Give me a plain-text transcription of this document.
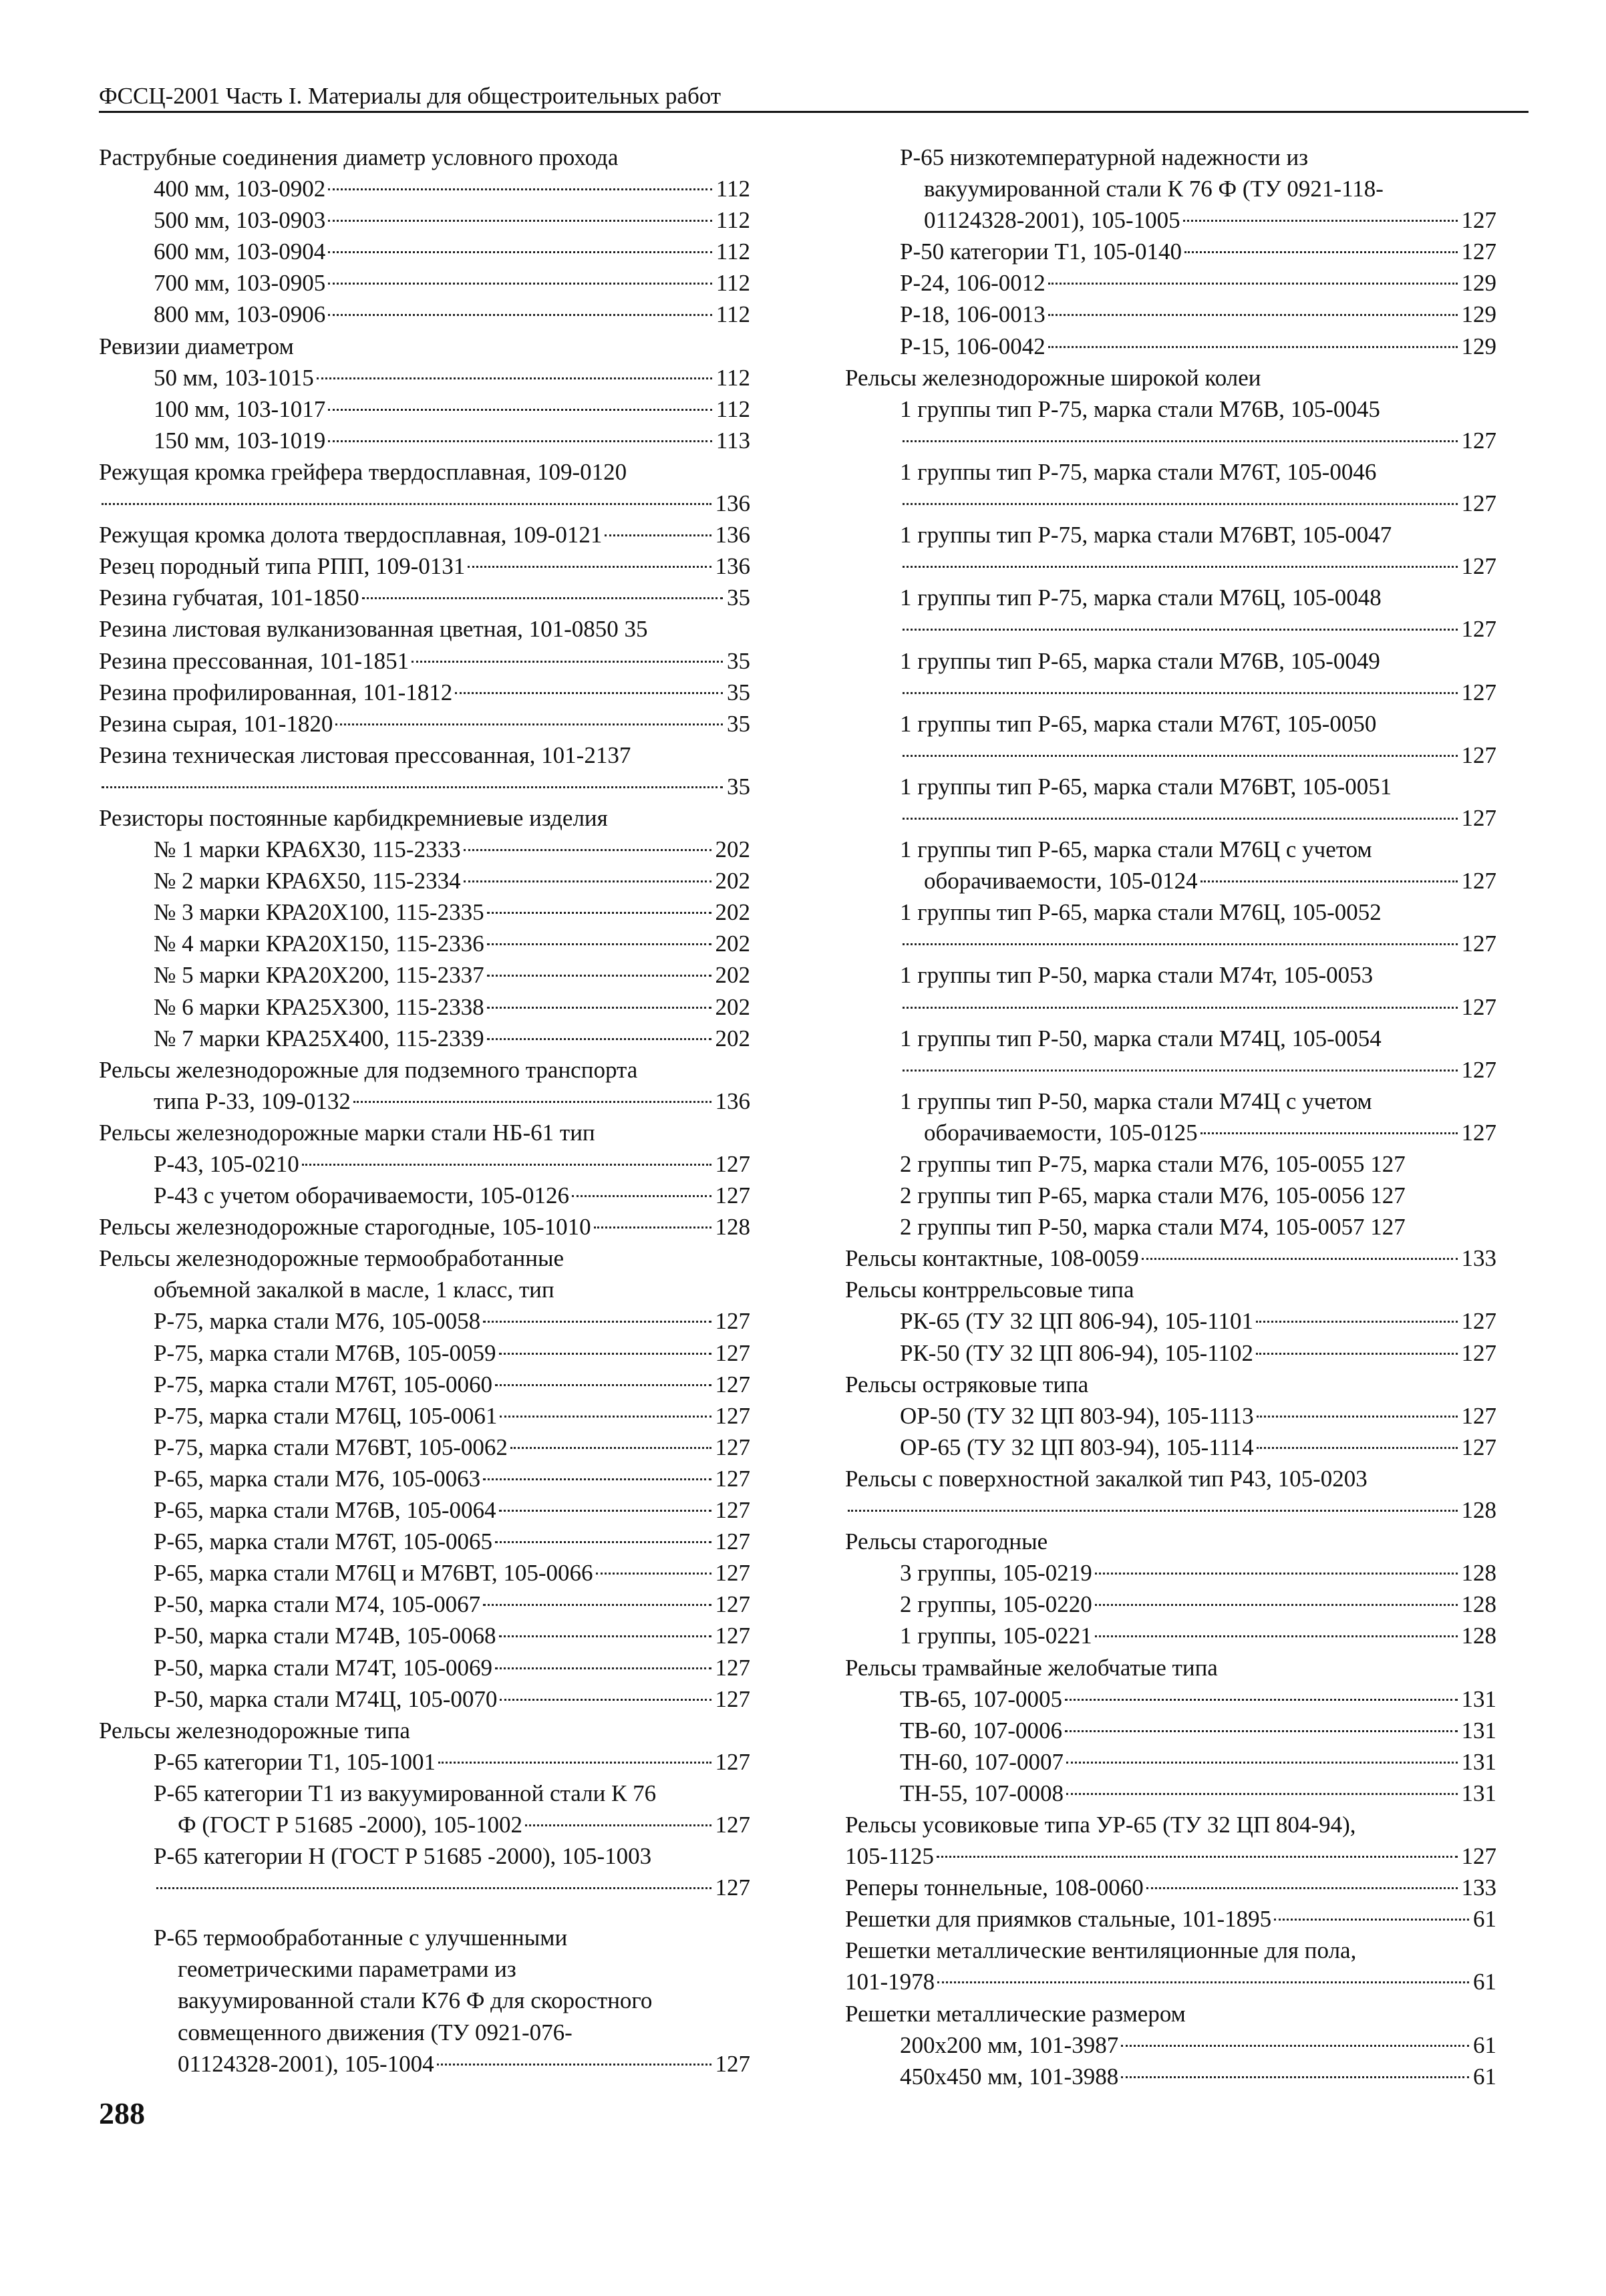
ФССЦ-2001 Часть I. Материалы для общестроительных работ
Раструбные соединения диаметр условного прохода
400 мм, 103-0902	112
500 мм, 103-0903	112
600 мм, 103-0904	112
700 мм, 103-0905	112
800 мм, 103-0906	112
Ревизии диаметром
50 мм, 103-1015	112
100 мм, 103-1017	112
150 мм, 103-1019	113
Режущая кромка грейфера твердосплавная, 109-0120
136
Режущая кромка долота твердосплавная, 109-0121	136
Резец породный типа РПП, 109-0131	136
Резина губчатая, 101-1850	35
Резина листовая вулканизованная цветная, 101-0850 35
Резина прессованная, 101-1851	35
Резина профилированная, 101-1812	35
Резина сырая, 101-1820	35
Резина техническая листовая прессованная, 101-2137
35
Резисторы постоянные карбидкремниевые изделия
№ 1 марки КРА6Х30, 115-2333	202
№ 2 марки КРА6Х50, 115-2334	202
№ 3 марки КРА20Х100, 115-2335	202
№ 4 марки КРА20Х150, 115-2336	202
№ 5 марки КРА20Х200, 115-2337	202
№ 6 марки КРА25Х300, 115-2338	202
№ 7 марки КРА25Х400, 115-2339	202
Рельсы железнодорожные для подземного транспорта
типа Р-33, 109-0132	136
Рельсы железнодорожные марки стали НБ-61 тип
Р-43, 105-0210	127
Р-43 с учетом оборачиваемости, 105-0126	127
Рельсы железнодорожные старогодные, 105-1010	128
Рельсы железнодорожные термообработанные
объемной закалкой в масле, 1 класс, тип
Р-75, марка стали М76, 105-0058	127
Р-75, марка стали М76В, 105-0059	127
Р-75, марка стали М76Т, 105-0060	127
Р-75, марка стали М76Ц, 105-0061	127
Р-75, марка стали М76ВТ, 105-0062	127
Р-65, марка стали М76, 105-0063	127
Р-65, марка стали М76В, 105-0064	127
Р-65, марка стали М76Т, 105-0065	127
Р-65, марка стали М76Ц и М76ВТ, 105-0066	127
Р-50, марка стали М74, 105-0067	127
Р-50, марка стали М74В, 105-0068	127
Р-50, марка стали М74Т, 105-0069	127
Р-50, марка стали М74Ц, 105-0070	127
Рельсы железнодорожные типа
Р-65 категории Т1, 105-1001	127
Р-65 категории Т1 из вакуумированной стали К 76
Ф (ГОСТ Р 51685 -2000), 105-1002	127
Р-65 категории Н (ГОСТ Р 51685 -2000), 105-1003
127
Р-65 термообработанные с улучшенными
геометрическими параметрами из
вакуумированной стали К76 Ф для скоростного
совмещенного движения (ТУ 0921-076-
01124328-2001), 105-1004	127
Р-65 низкотемпературной надежности из
вакуумированной стали К 76 Ф (ТУ 0921-118-
01124328-2001), 105-1005	127
Р-50 категории Т1, 105-0140	127
Р-24, 106-0012	129
Р-18, 106-0013	129
Р-15, 106-0042	129
Рельсы железнодорожные широкой колеи
1 группы тип Р-75, марка стали М76В, 105-0045
127
1 группы тип Р-75, марка стали М76Т, 105-0046
127
1 группы тип Р-75, марка стали М76ВТ, 105-0047
127
1 группы тип Р-75, марка стали М76Ц, 105-0048
127
1 группы тип Р-65, марка стали М76В, 105-0049
127
1 группы тип Р-65, марка стали М76Т, 105-0050
127
1 группы тип Р-65, марка стали М76ВТ, 105-0051
127
1 группы тип Р-65, марка стали М76Ц с учетом
оборачиваемости, 105-0124	127
1 группы тип Р-65, марка стали М76Ц, 105-0052
127
1 группы тип Р-50, марка стали М74т, 105-0053
127
1 группы тип Р-50, марка стали М74Ц, 105-0054
127
1 группы тип Р-50, марка стали М74Ц с учетом
оборачиваемости, 105-0125	127
2 группы тип Р-75, марка стали М76, 105-0055 127
2 группы тип Р-65, марка стали М76, 105-0056 127
2 группы тип Р-50, марка стали М74, 105-0057 127
Рельсы контактные, 108-0059	133
Рельсы контррельсовые типа
РК-65 (ТУ 32 ЦП 806-94), 105-1101	127
РК-50 (ТУ 32 ЦП 806-94), 105-1102	127
Рельсы остряковые типа
ОР-50 (ТУ 32 ЦП 803-94), 105-1113	127
ОР-65 (ТУ 32 ЦП 803-94), 105-1114	127
Рельсы с поверхностной закалкой тип Р43, 105-0203
128
Рельсы старогодные
3 группы, 105-0219	128
2 группы, 105-0220	128
1 группы, 105-0221	128
Рельсы трамвайные желобчатые типа
ТВ-65, 107-0005	131
ТВ-60, 107-0006	131
ТН-60, 107-0007	131
ТН-55, 107-0008	131
Рельсы усовиковые типа УР-65 (ТУ 32 ЦП 804-94),
105-1125	127
Реперы тоннельные, 108-0060	133
Решетки для приямков стальные, 101-1895	61
Решетки металлические вентиляционные для пола,
101-1978	61
Решетки металлические размером
200х200 мм, 101-3987	61
450х450 мм, 101-3988	61
288
